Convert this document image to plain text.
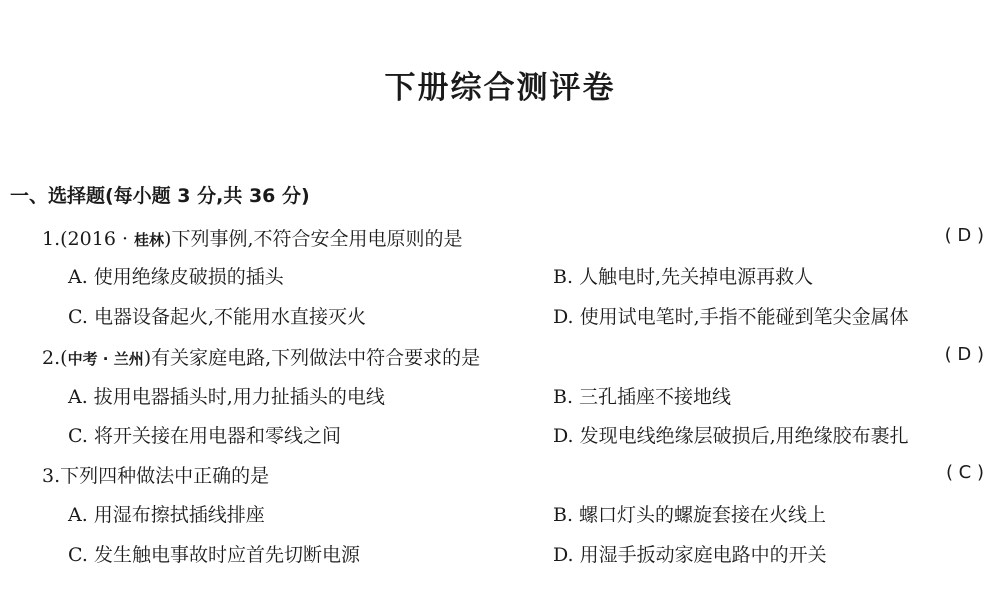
下册综合测评卷
一、选择题(每小题 3 分,共 36 分)
1.(2016 · 桂林)下列事例,不符合安全用电原则的是	( D )
A. 使用绝缘皮破损的插头	B. 人触电时,先关掉电源再救人
C. 电器设备起火,不能用水直接灭火	D. 使用试电笔时,手指不能碰到笔尖金属体
2.(中考 · 兰州)有关家庭电路,下列做法中符合要求的是	( D )
A. 拔用电器插头时,用力扯插头的电线	B. 三孔插座不接地线
C. 将开关接在用电器和零线之间	D. 发现电线绝缘层破损后,用绝缘胶布裹扎
3.下列四种做法中正确的是	( C )
A. 用湿布擦拭插线排座	B. 螺口灯头的螺旋套接在火线上
C. 发生触电事故时应首先切断电源	D. 用湿手扳动家庭电路中的开关
